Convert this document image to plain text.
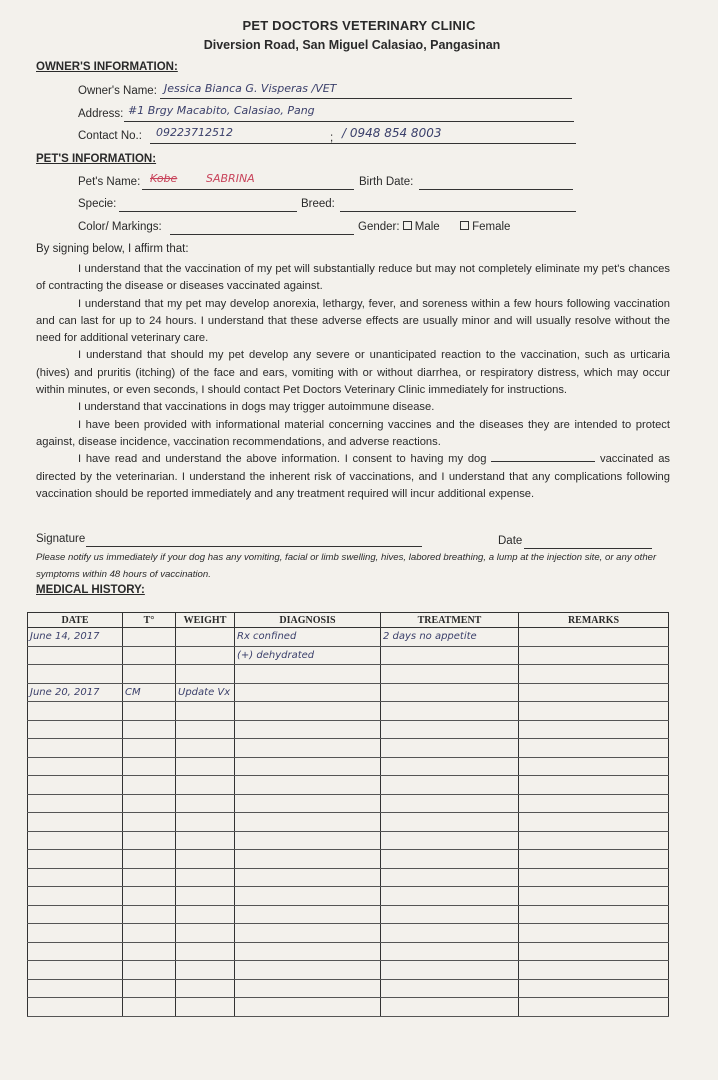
PET DOCTORS VETERINARY CLINIC
Diversion Road, San Miguel Calasiao, Pangasinan
OWNER'S INFORMATION:
Owner's Name: Jessica Bianca G. Visperas /VET
Address: #1 Brgy Macabito, Calasiao, Pang
Contact No.: 09223712512	; / 0948 854 8003
PET'S INFORMATION:
Pet's Name: Kobe	SABRINA	Birth Date:
Specie:	Breed:
Color/ Markings:	Gender: Male	Female
By signing below, I affirm that:

I understand that the vaccination of my pet will substantially reduce but may not completely eliminate my pet's chances of contracting the disease or diseases vaccinated against.

I understand that my pet may develop anorexia, lethargy, fever, and soreness within a few hours following vaccination and can last for up to 24 hours. I understand that these adverse effects are usually minor and will usually resolve without the need for additional veterinary care.

I understand that should my pet develop any severe or unanticipated reaction to the vaccination, such as urticaria (hives) and pruritis (itching) of the face and ears, vomiting with or without diarrhea, or respiratory distress, which may occur within minutes, or even seconds, I should contact Pet Doctors Veterinary Clinic immediately for instructions.

I understand that vaccinations in dogs may trigger autoimmune disease.

I have been provided with informational material concerning vaccines and the diseases they are intended to protect against, disease incidence, vaccination recommendations, and adverse reactions.

I have read and understand the above information. I consent to having my dog	vaccinated as directed by the veterinarian. I understand the inherent risk of vaccinations, and I understand that any complications following vaccination should be reported immediately and any treatment required will incur additional expense.

Signature	Date
Please notify us immediately if your dog has any vomiting, facial or limb swelling, hives, labored breathing, a lump at the injection site, or any other symptoms within 48 hours of vaccination.
MEDICAL HISTORY:
DATE	T°	WEIGHT	DIAGNOSIS	TREATMENT	REMARKS
June 14, 2017			Rx confined	2 days no appetite	
			(+) dehydrated		

June 20, 2017	CM	Update Vx			
